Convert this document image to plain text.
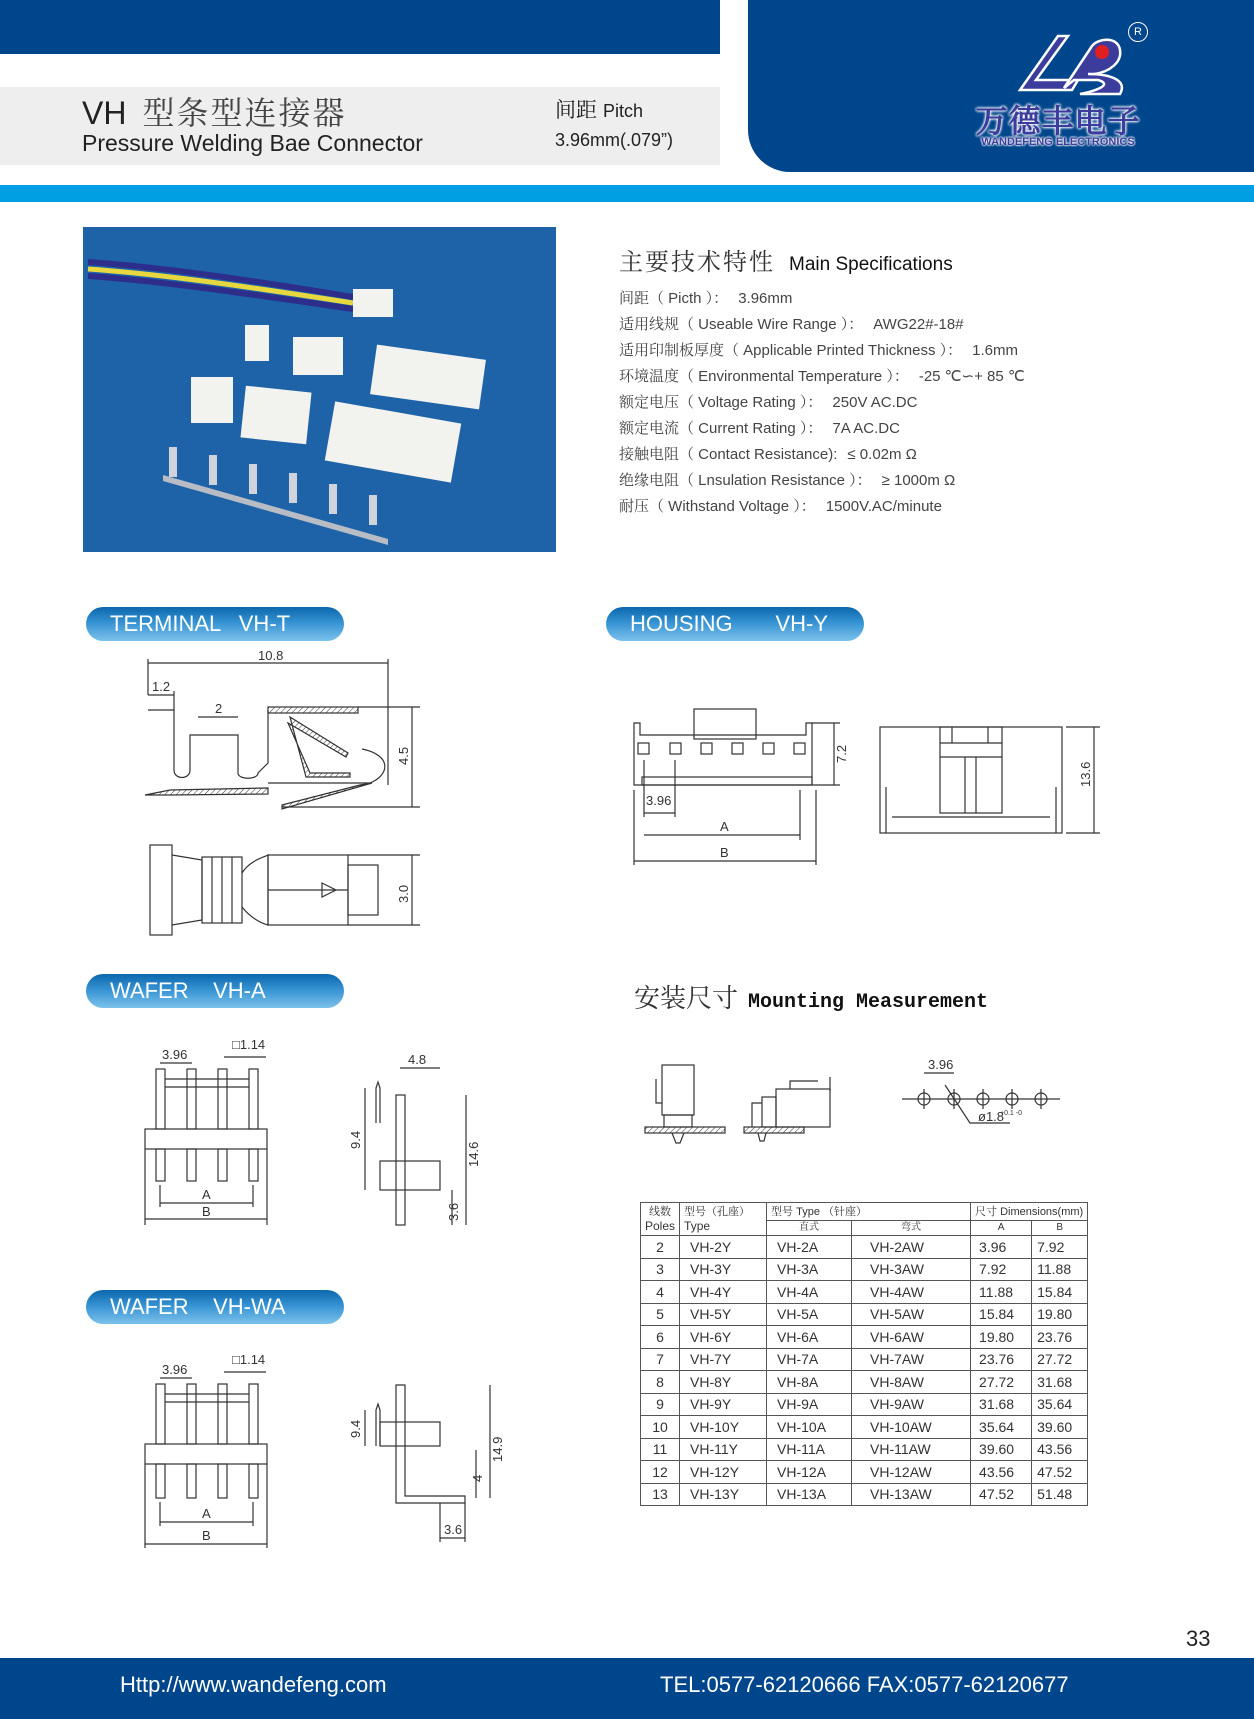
VH 型条型连接器
Pressure Welding Bae Connector
间距 Pitch
3.96mm(.079”)
R
万德丰电子
WANDEFENG ELECTRONICS
主要技术特性 Main Specifications
间距（ Picth ）： 3.96mm
适用线规（ Useable Wire Range ）： AWG22#-18#
适用印制板厚度（ Applicable Printed Thickness ）： 1.6mm
环境温度（ Environmental Temperature ）： -25 ℃∽+ 85 ℃
额定电压（ Voltage Rating ）： 250V AC.DC
额定电流（ Current Rating ）： 7A AC.DC
接触电阻（ Contact Resistance): ≤ 0.02m Ω
绝缘电阻（ Lnsulation Resistance ）： ≥ 1000m Ω
耐压（ Withstand Voltage ）： 1500V.AC/minute
TERMINAL   VH-T
10.8
1.2
2
4.5
3.0
HOUSING       VH-Y
7.2
3.96
A
B
13.6
WAFER    VH-A
3.96
□1.14
A
B
4.8
9.4
14.6
3.6
WAFER    VH-WA
3.96
□1.14
A
B
9.4
14.9
4
3.6
安装尺寸 Mounting Measurement
3.96
ø1.8
+0.1 -0
线数
Poles	型号（孔座）
Type	型号 Type （针座）		尺寸 Dimensions(mm)	
		直式	弯式	A	B
2	VH-2Y	VH-2A	VH-2AW	3.96	7.92
3	VH-3Y	VH-3A	VH-3AW	7.92	11.88
4	VH-4Y	VH-4A	VH-4AW	11.88	15.84
5	VH-5Y	VH-5A	VH-5AW	15.84	19.80
6	VH-6Y	VH-6A	VH-6AW	19.80	23.76
7	VH-7Y	VH-7A	VH-7AW	23.76	27.72
8	VH-8Y	VH-8A	VH-8AW	27.72	31.68
9	VH-9Y	VH-9A	VH-9AW	31.68	35.64
10	VH-10Y	VH-10A	VH-10AW	35.64	39.60
11	VH-11Y	VH-11A	VH-11AW	39.60	43.56
12	VH-12Y	VH-12A	VH-12AW	43.56	47.52
13	VH-13Y	VH-13A	VH-13AW	47.52	51.48
33
Http://www.wandefeng.com	TEL:0577-62120666 FAX:0577-62120677
